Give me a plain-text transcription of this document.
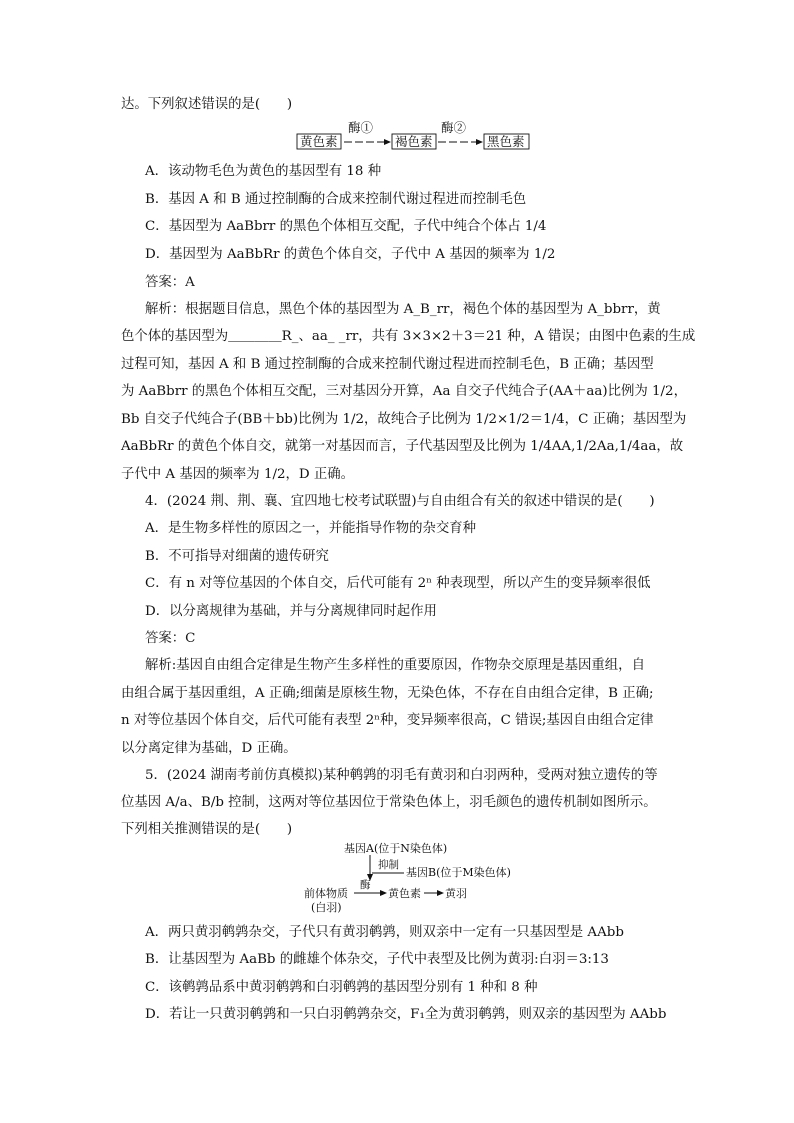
达。下列叙述错误的是(　　)
黄色素
酶①
褐色素
酶②
黑色素
A．该动物毛色为黄色的基因型有 18 种
B．基因 A 和 B 通过控制酶的合成来控制代谢过程进而控制毛色
C．基因型为 AaBbrr 的黑色个体相互交配，子代中纯合个体占 1/4
D．基因型为 AaBbRr 的黄色个体自交，子代中 A 基因的频率为 1/2
答案：A
解析：根据题目信息，黑色个体的基因型为 A_B_rr，褐色个体的基因型为 A_bbrr，黄
色个体的基因型为＿＿＿＿R_、aa_ _rr，共有 3×3×2＋3＝21 种，A 错误；由图中色素的生成
过程可知，基因 A 和 B 通过控制酶的合成来控制代谢过程进而控制毛色，B 正确；基因型
为 AaBbrr 的黑色个体相互交配，三对基因分开算，Aa 自交子代纯合子(AA＋aa)比例为 1/2，
Bb 自交子代纯合子(BB＋bb)比例为 1/2，故纯合子比例为 1/2×1/2＝1/4，C 正确；基因型为
AaBbRr 的黄色个体自交，就第一对基因而言，子代基因型及比例为 1/4AA,1/2Aa,1/4aa，故
子代中 A 基因的频率为 1/2，D 正确。
4．(2024 荆、荆、襄、宜四地七校考试联盟)与自由组合有关的叙述中错误的是(　　)
A．是生物多样性的原因之一，并能指导作物的杂交育种
B．不可指导对细菌的遗传研究
C．有 n 对等位基因的个体自交，后代可能有 2ⁿ 种表现型，所以产生的变异频率很低
D．以分离规律为基础，并与分离规律同时起作用
答案：C
解析:基因自由组合定律是生物产生多样性的重要原因，作物杂交原理是基因重组，自
由组合属于基因重组，A 正确;细菌是原核生物，无染色体，不存在自由组合定律，B 正确;
n 对等位基因个体自交，后代可能有表型 2ⁿ种，变异频率很高，C 错误;基因自由组合定律
以分离定律为基础，D 正确。
5．(2024 湖南考前仿真模拟)某种鹌鹑的羽毛有黄羽和白羽两种，受两对独立遗传的等
位基因 A/a、B/b 控制，这两对等位基因位于常染色体上，羽毛颜色的遗传机制如图所示。
下列相关推测错误的是(　　)
基因A(位于N染色体)
抑制
基因B(位于M染色体)
前体物质
(白羽)
酶
黄色素 黄羽
A．两只黄羽鹌鹑杂交，子代只有黄羽鹌鹑，则双亲中一定有一只基因型是 AAbb
B．让基因型为 AaBb 的雌雄个体杂交，子代中表型及比例为黄羽:白羽＝3:13
C．该鹌鹑品系中黄羽鹌鹑和白羽鹌鹑的基因型分别有 1 种和 8 种
D．若让一只黄羽鹌鹑和一只白羽鹌鹑杂交，F₁全为黄羽鹌鹑，则双亲的基因型为 AAbb
